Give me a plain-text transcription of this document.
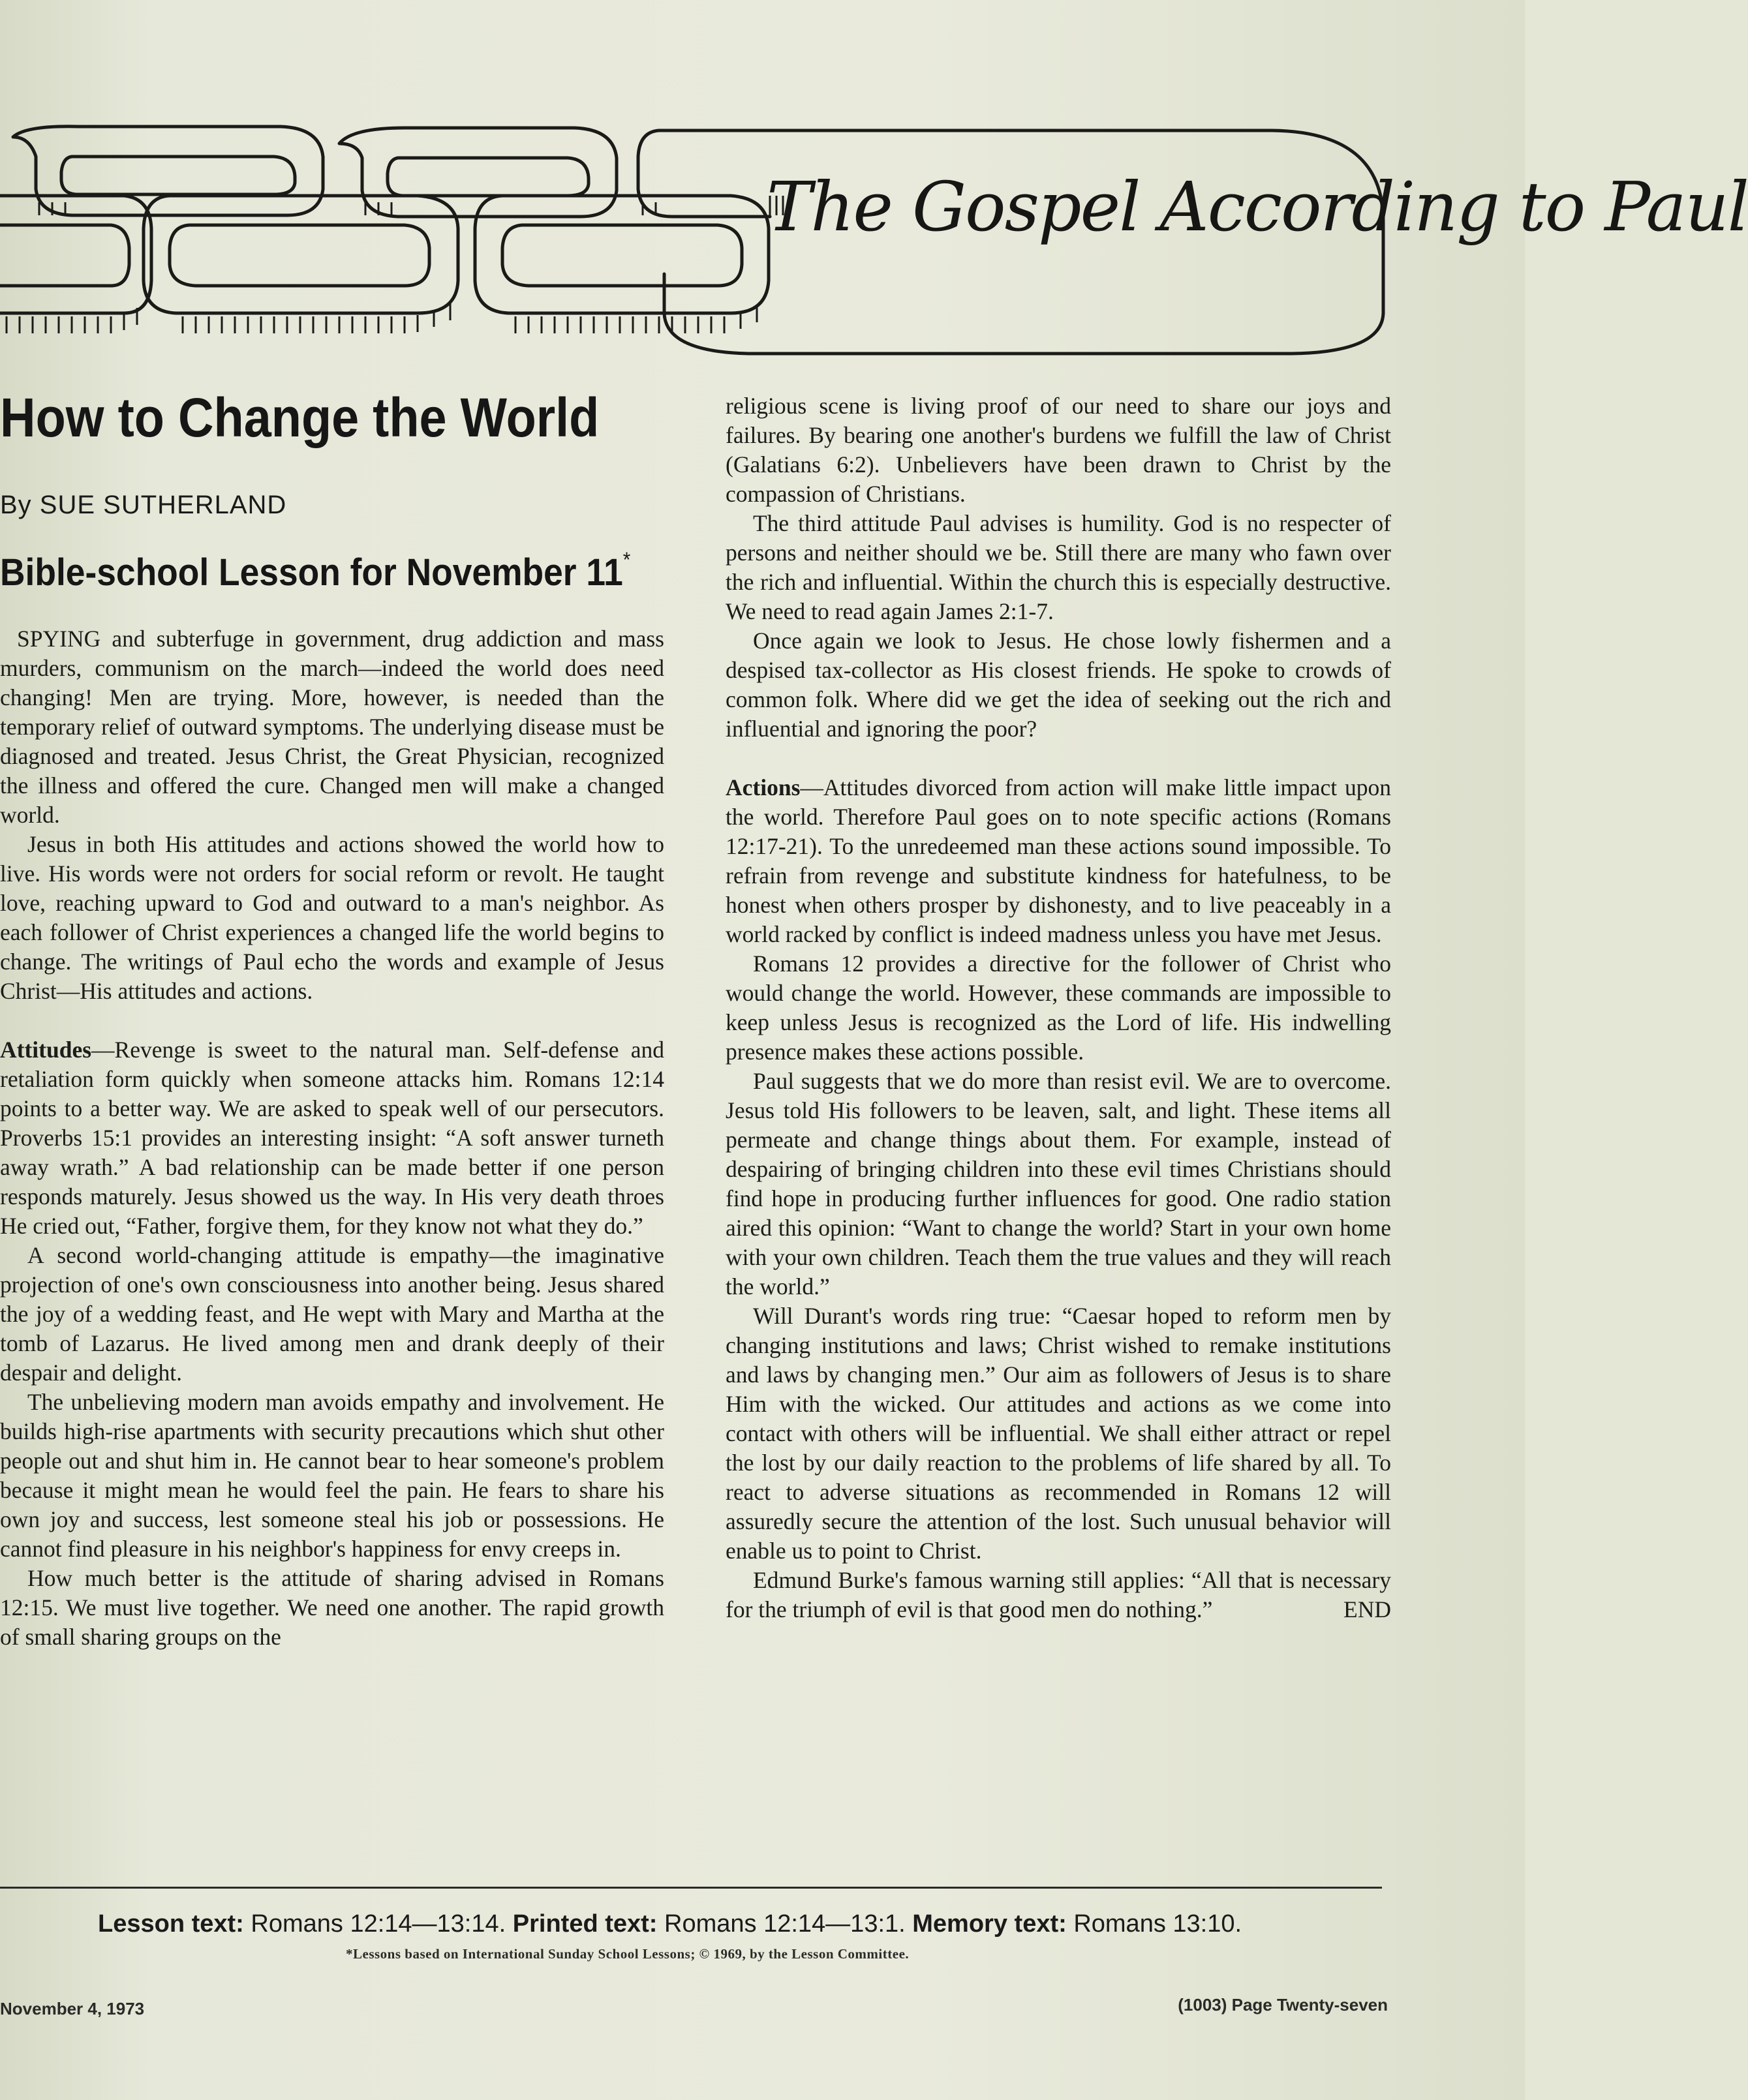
The Gospel According to Paul
How to Change the World
By SUE SUTHERLAND
Bible-school Lesson for November 11*

SPYING and subterfuge in government, drug addiction and mass murders, communism on the march—indeed the world does need changing! Men are trying. More, however, is needed than the temporary relief of outward symptoms. The underlying disease must be diagnosed and treated. Jesus Christ, the Great Physician, recognized the illness and offered the cure. Changed men will make a changed world.

Jesus in both His attitudes and actions showed the world how to live. His words were not orders for social reform or revolt. He taught love, reaching upward to God and outward to a man's neighbor. As each follower of Christ experiences a changed life the world begins to change. The writings of Paul echo the words and example of Jesus Christ—His attitudes and actions.

Attitudes—Revenge is sweet to the natural man. Self-defense and retaliation form quickly when someone attacks him. Romans 12:14 points to a better way. We are asked to speak well of our persecutors. Proverbs 15:1 provides an interesting insight: “A soft answer turneth away wrath.” A bad relationship can be made better if one person responds maturely. Jesus showed us the way. In His very death throes He cried out, “Father, forgive them, for they know not what they do.”

A second world-changing attitude is empathy—the imaginative projection of one's own consciousness into another being. Jesus shared the joy of a wedding feast, and He wept with Mary and Martha at the tomb of Lazarus. He lived among men and drank deeply of their despair and delight.

The unbelieving modern man avoids empathy and involvement. He builds high-rise apartments with security precautions which shut other people out and shut him in. He cannot bear to hear someone's problem because it might mean he would feel the pain. He fears to share his own joy and success, lest someone steal his job or possessions. He cannot find pleasure in his neighbor's happiness for envy creeps in.

How much better is the attitude of sharing advised in Romans 12:15. We must live together. We need one another. The rapid growth of small sharing groups on the

religious scene is living proof of our need to share our joys and failures. By bearing one another's burdens we fulfill the law of Christ (Galatians 6:2). Unbelievers have been drawn to Christ by the compassion of Christians.

The third attitude Paul advises is humility. God is no respecter of persons and neither should we be. Still there are many who fawn over the rich and influential. Within the church this is especially destructive. We need to read again James 2:1-7.

Once again we look to Jesus. He chose lowly fishermen and a despised tax-collector as His closest friends. He spoke to crowds of common folk. Where did we get the idea of seeking out the rich and influential and ignoring the poor?

Actions—Attitudes divorced from action will make little impact upon the world. Therefore Paul goes on to note specific actions (Romans 12:17-21). To the unredeemed man these actions sound impossible. To refrain from revenge and substitute kindness for hatefulness, to be honest when others prosper by dishonesty, and to live peaceably in a world racked by conflict is indeed madness unless you have met Jesus.

Romans 12 provides a directive for the follower of Christ who would change the world. However, these commands are impossible to keep unless Jesus is recognized as the Lord of life. His indwelling presence makes these actions possible.

Paul suggests that we do more than resist evil. We are to overcome. Jesus told His followers to be leaven, salt, and light. These items all permeate and change things about them. For example, instead of despairing of bringing children into these evil times Christians should find hope in producing further influences for good. One radio station aired this opinion: “Want to change the world? Start in your own home with your own children. Teach them the true values and they will reach the world.”

Will Durant's words ring true: “Caesar hoped to reform men by changing institutions and laws; Christ wished to remake institutions and laws by changing men.” Our aim as followers of Jesus is to share Him with the wicked. Our attitudes and actions as we come into contact with others will be influential. We shall either attract or repel the lost by our daily reaction to the problems of life shared by all. To react to adverse situations as recommended in Romans 12 will assuredly secure the attention of the lost. Such unusual behavior will enable us to point to Christ.

Edmund Burke's famous warning still applies: “All that is necessary for the triumph of evil is that good men do nothing.”	END

Lesson text: Romans 12:14—13:14. Printed text: Romans 12:14—13:1. Memory text: Romans 13:10.
*Lessons based on International Sunday School Lessons; © 1969, by the Lesson Committee.
November 4, 1973	(1003) Page Twenty-seven
